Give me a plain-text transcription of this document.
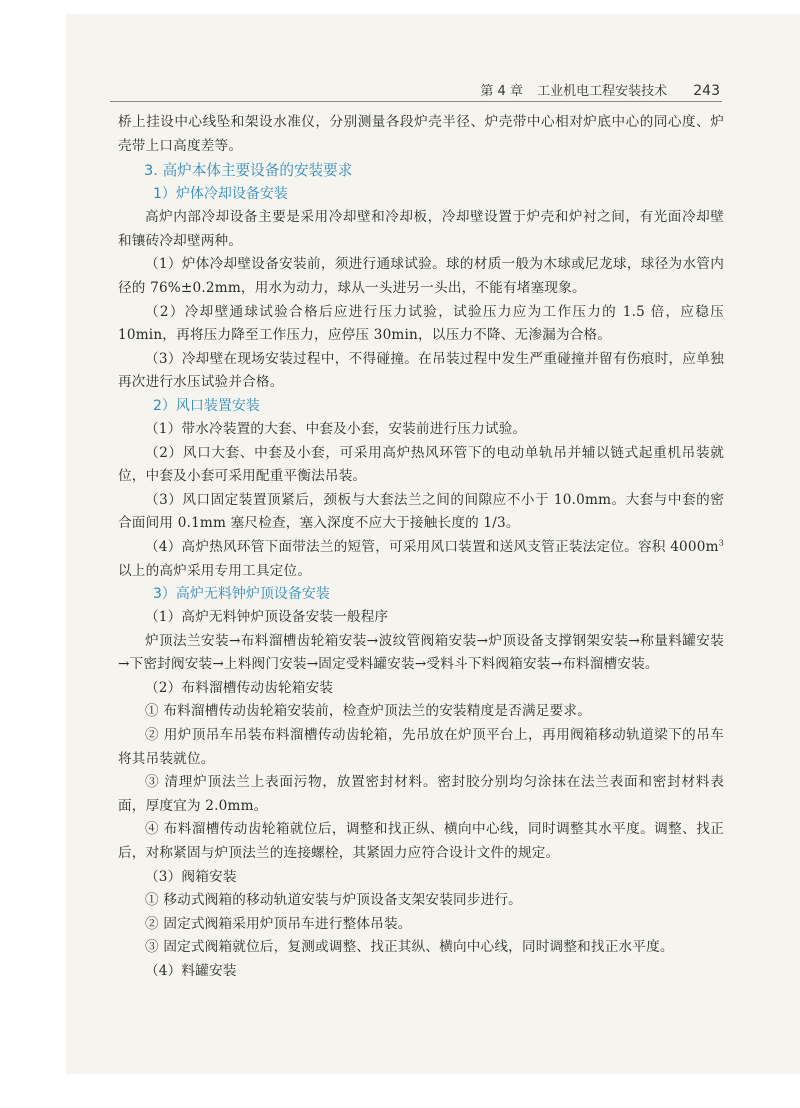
第 4 章 工业机电工程安装技术 243

桥上挂设中心线坠和架设水准仪，分别测量各段炉壳半径、炉壳带中心相对炉底中心的同心度、炉壳带上口高度差等。

3. 高炉本体主要设备的安装要求
1）炉体冷却设备安装

高炉内部冷却设备主要是采用冷却壁和冷却板，冷却壁设置于炉壳和炉衬之间，有光面冷却壁和镶砖冷却壁两种。

（1）炉体冷却壁设备安装前，须进行通球试验。球的材质一般为木球或尼龙球，球径为水管内径的 76%±0.2mm，用水为动力，球从一头进另一头出，不能有堵塞现象。

（2）冷却壁通球试验合格后应进行压力试验，试验压力应为工作压力的 1.5 倍，应稳压 10min，再将压力降至工作压力，应停压 30min，以压力不降、无渗漏为合格。

（3）冷却壁在现场安装过程中，不得碰撞。在吊装过程中发生严重碰撞并留有伤痕时，应单独再次进行水压试验并合格。

2）风口装置安装

（1）带水冷装置的大套、中套及小套，安装前进行压力试验。

（2）风口大套、中套及小套，可采用高炉热风环管下的电动单轨吊并辅以链式起重机吊装就位，中套及小套可采用配重平衡法吊装。

（3）风口固定装置顶紧后，颈板与大套法兰之间的间隙应不小于 10.0mm。大套与中套的密合面间用 0.1mm 塞尺检查，塞入深度不应大于接触长度的 1/3。

（4）高炉热风环管下面带法兰的短管，可采用风口装置和送风支管正装法定位。容积 $4000m^3$ 以上的高炉采用专用工具定位。

3）高炉无料钟炉顶设备安装

（1）高炉无料钟炉顶设备安装一般程序

炉顶法兰安装→布料溜槽齿轮箱安装→波纹管阀箱安装→炉顶设备支撑钢架安装→称量料罐安装→下密封阀安装→上料阀门安装→固定受料罐安装→受料斗下料阀箱安装→布料溜槽安装。

（2）布料溜槽传动齿轮箱安装

① 布料溜槽传动齿轮箱安装前，检查炉顶法兰的安装精度是否满足要求。

② 用炉顶吊车吊装布料溜槽传动齿轮箱，先吊放在炉顶平台上，再用阀箱移动轨道梁下的吊车将其吊装就位。

③ 清理炉顶法兰上表面污物，放置密封材料。密封胶分别均匀涂抹在法兰表面和密封材料表面，厚度宜为 2.0mm。

④ 布料溜槽传动齿轮箱就位后，调整和找正纵、横向中心线，同时调整其水平度。调整、找正后，对称紧固与炉顶法兰的连接螺栓，其紧固力应符合设计文件的规定。

（3）阀箱安装

① 移动式阀箱的移动轨道安装与炉顶设备支架安装同步进行。

② 固定式阀箱采用炉顶吊车进行整体吊装。

③ 固定式阀箱就位后，复测或调整、找正其纵、横向中心线，同时调整和找正水平度。

（4）料罐安装
